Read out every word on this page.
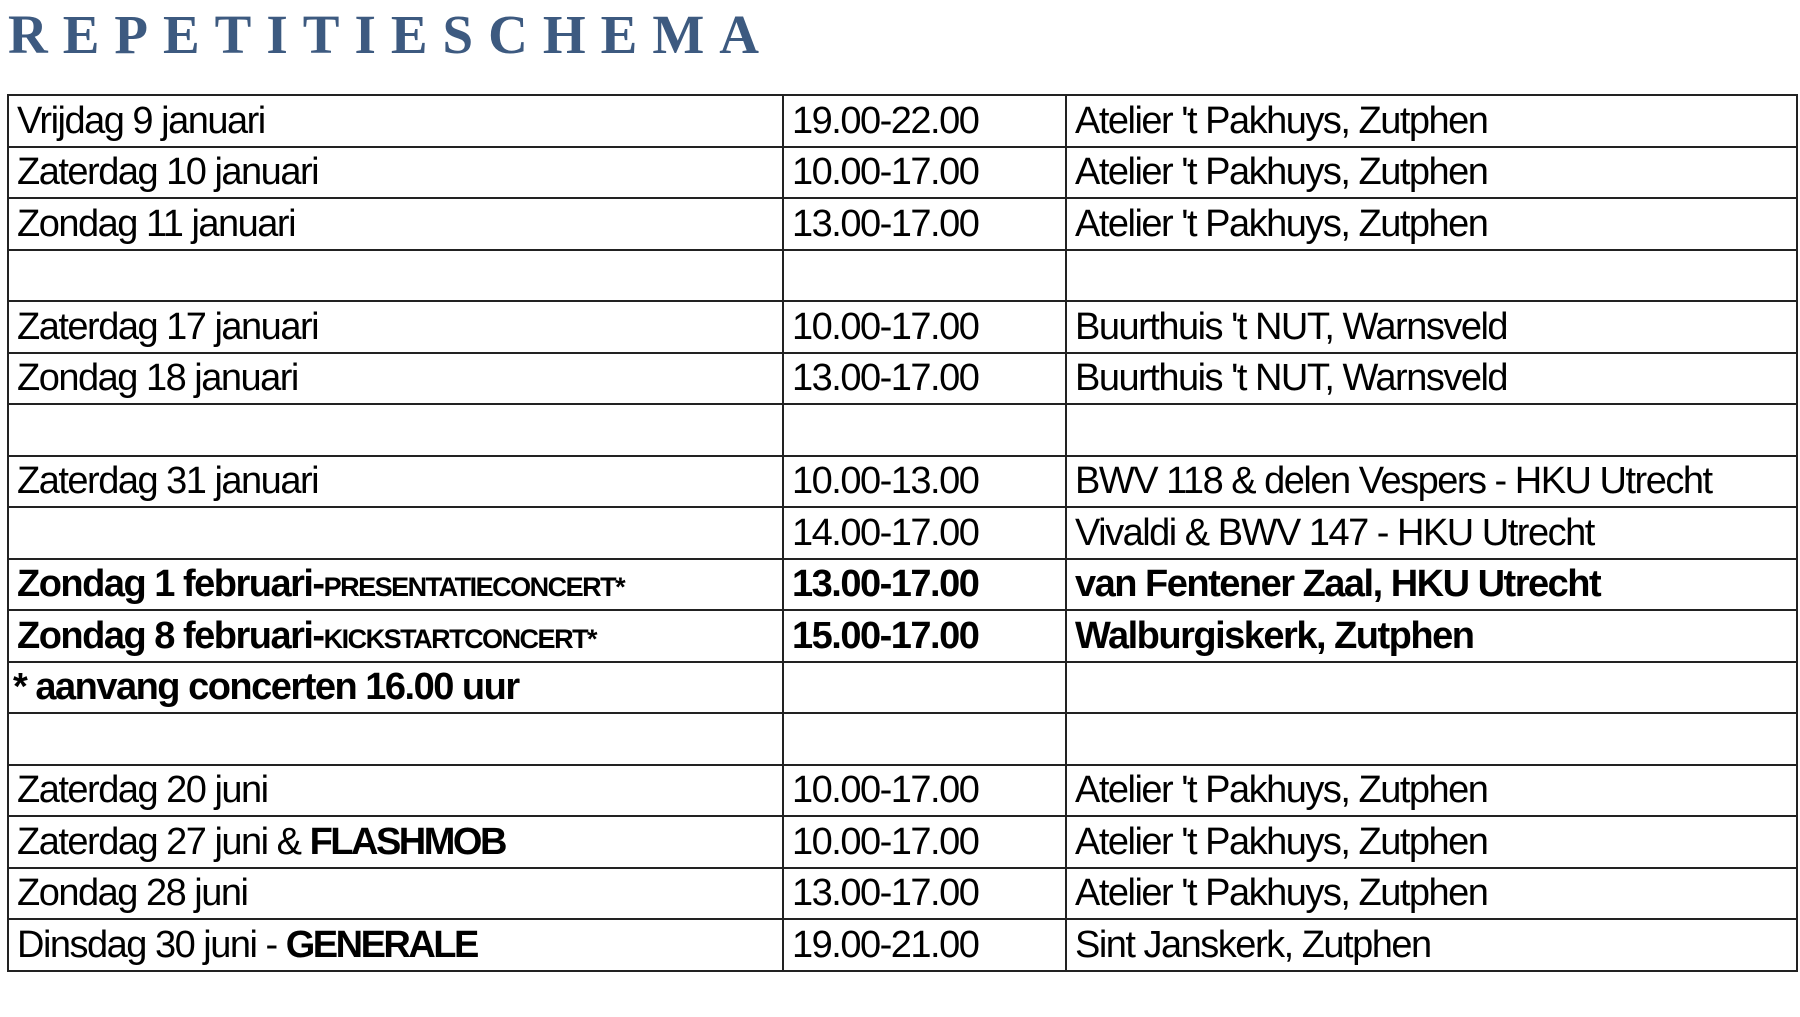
REPETITIESCHEMA
Vrijdag 9 januari	19.00-22.00	Atelier 't Pakhuys, Zutphen
Zaterdag 10 januari	10.00-17.00	Atelier 't Pakhuys, Zutphen
Zondag 11 januari	13.00-17.00	Atelier 't Pakhuys, Zutphen

Zaterdag 17 januari	10.00-17.00	Buurthuis 't NUT, Warnsveld
Zondag 18 januari	13.00-17.00	Buurthuis 't NUT, Warnsveld

Zaterdag 31 januari	10.00-13.00	BWV 118 & delen Vespers - HKU Utrecht
	14.00-17.00	Vivaldi & BWV 147 - HKU Utrecht
Zondag 1 februari-PRESENTATIECONCERT*	13.00-17.00	van Fentener Zaal, HKU Utrecht
Zondag 8 februari-KICKSTARTCONCERT*	15.00-17.00	Walburgiskerk, Zutphen
* aanvang concerten 16.00 uur		

Zaterdag 20 juni	10.00-17.00	Atelier 't Pakhuys, Zutphen
Zaterdag 27 juni & FLASHMOB	10.00-17.00	Atelier 't Pakhuys, Zutphen
Zondag 28 juni	13.00-17.00	Atelier 't Pakhuys, Zutphen
Dinsdag 30 juni - GENERALE	19.00-21.00	Sint Janskerk, Zutphen
